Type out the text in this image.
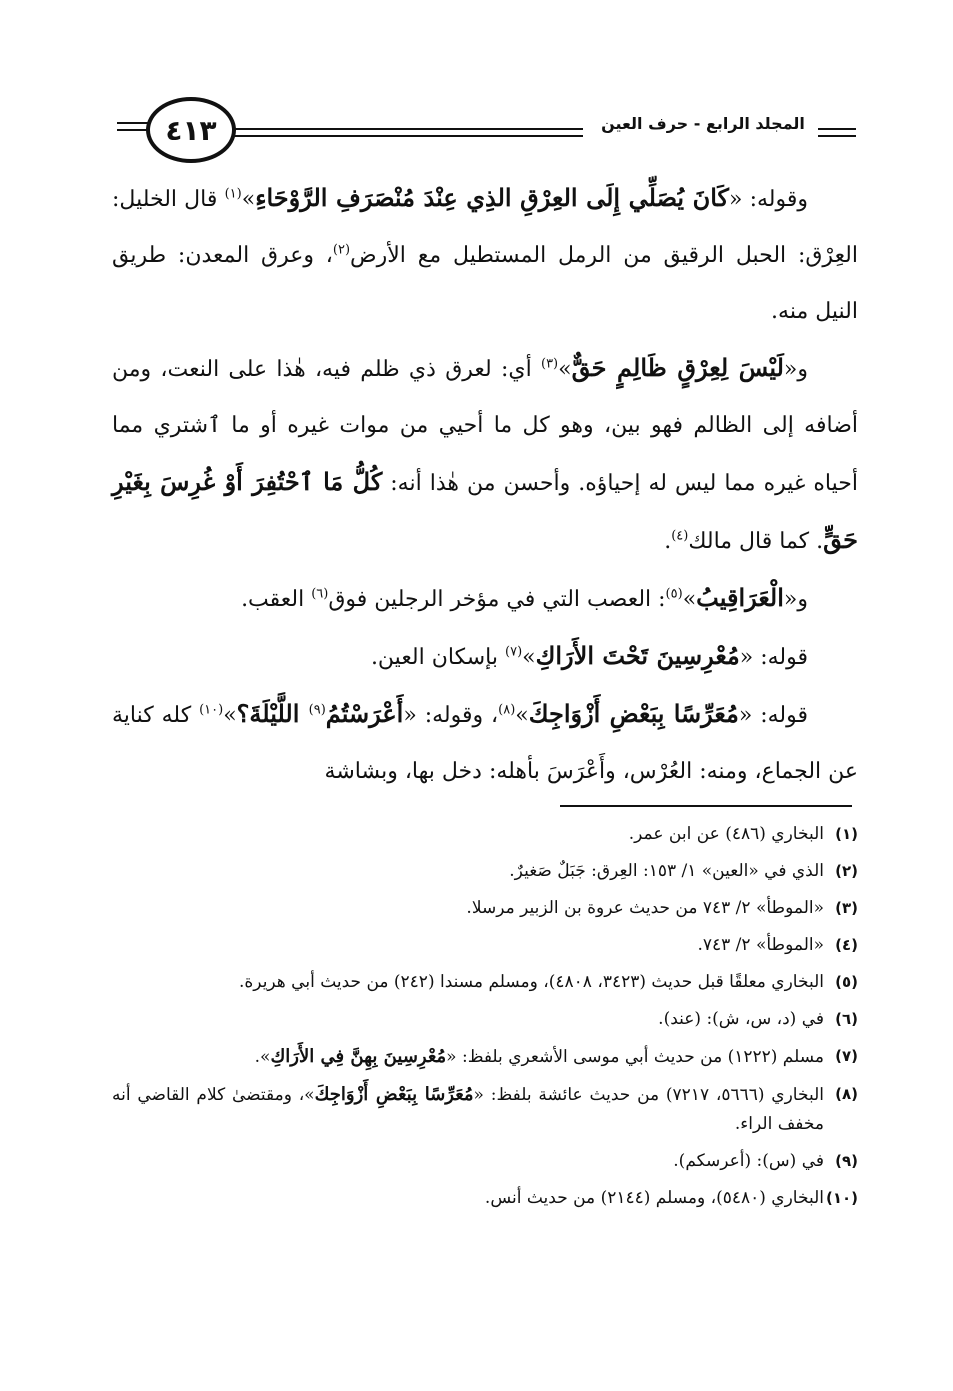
٤١٣	المجلد الرابع - حرف العين

وقوله: «كَانَ يُصَلِّي إِلَى العِرْقِ الذِي عِنْدَ مُنْصَرَفِ الرَّوْحَاءِ»$^{(١)}$ قال الخليل: العِرْق: الحبل الرقيق من الرمل المستطيل مع الأرض$^{(٢)}$، وعرق المعدن: طريق النيل منه.

و«لَيْسَ لِعِرْقٍ ظَالِمٍ حَقٌّ»$^{(٣)}$ أي: لعرق ذي ظلم فيه، هٰذا على النعت، ومن أضافه إلى الظالم فهو بين، وهو كل ما أحيي من موات غيره أو ما ٱشتري مما أحياه غيره مما ليس له إحياؤه. وأحسن من هٰذا أنه: كُلُّ مَا ٱحْتُفِرَ أَوْ غُرِسَ بِغَيْرِ حَقٍّ. كما قال مالك$^{(٤)}$.

و«الْعَرَاقِيبُ»$^{(٥)}$: العصب التي في مؤخر الرجلين فوق$^{(٦)}$ العقب.

قوله: «مُعْرِسِينَ تَحْتَ الأَرَاكِ»$^{(٧)}$ بإسكان العين.

قوله: «مُعَرِّسًا بِبَعْضِ أَزْوَاجِكَ»$^{(٨)}$، وقوله: «أَعْرَسْتُمُ$^{(٩)}$ اللَّيْلَةَ؟»$^{(١٠)}$ كله كناية عن الجماع، ومنه: العُرْس، وأَعْرَسَ بأهله: دخل بها، وبشاشة

(١)
البخاري (٤٨٦) عن ابن عمر.
(٢)
الذي في «العين» ١/ ١٥٣: العِرق: جَبَلٌ صَغيرٌ.
(٣)
«الموطأ» ٢/ ٧٤٣ من حديث عروة بن الزبير مرسلا.
(٤)
«الموطأ» ٢/ ٧٤٣.
(٥)
البخاري معلقًا قبل حديث (٣٤٢٣، ٤٨٠٨)، ومسلم مسندا (٢٤٢) من حديث أبي هريرة.
(٦)
في (د، س، ش): (عند).
(٧)
مسلم (١٢٢٢) من حديث أبي موسى الأشعري بلفظ: «مُعْرِسِينَ بِهِنَّ فِي الأَرَاكِ».
(٨)
البخاري (٥٦٦٦، ٧٢١٧) من حديث عائشة بلفظ: «مُعَرِّسًا بِبَعْضِ أَزْوَاجِكَ»، ومقتضىٰ كلام القاضي أنه مخفف الراء.
(٩)
في (س): (أعرسكم).
(١٠)
البخاري (٥٤٨٠)، ومسلم (٢١٤٤) من حديث أنس.
